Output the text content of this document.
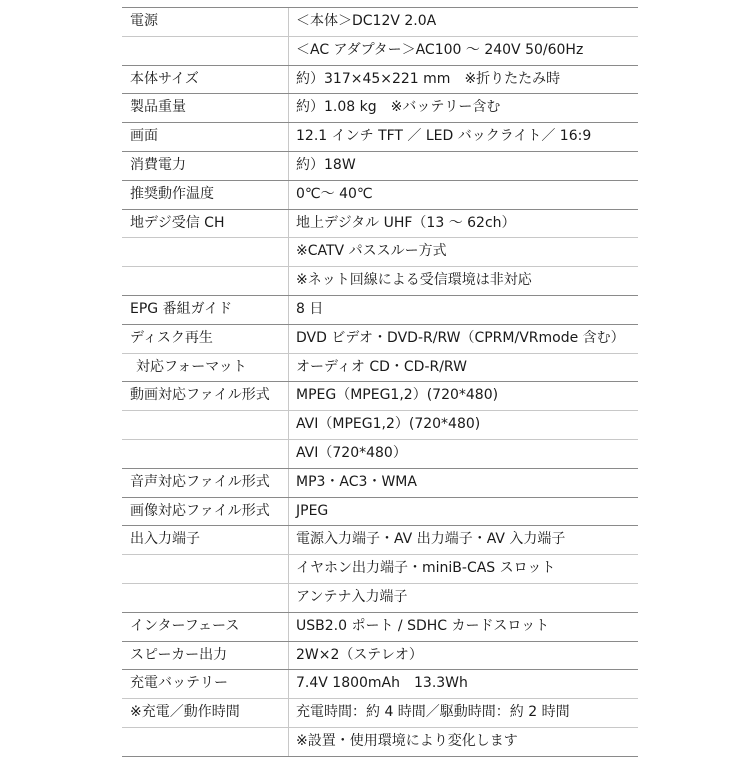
電源	＜本体＞DC12V 2.0A
＜AC アダプター＞AC100 ～ 240V 50/60Hz
本体サイズ	約）317×45×221 mm　※折りたたみ時
製品重量	約）1.08 kg　※バッテリー含む
画面	12.1 インチ TFT ／ LED バックライト／ 16:9
消費電力	約）18W
推奨動作温度	0℃～ 40℃
地デジ受信 CH	地上デジタル UHF（13 ～ 62ch）
※CATV パススルー方式
※ネット回線による受信環境は非対応
EPG 番組ガイド	8 日
ディスク再生	DVD ビデオ・DVD-R/RW（CPRM/VRmode 含む）
対応フォーマット	オーディオ CD・CD-R/RW
動画対応ファイル形式	MPEG（MPEG1,2）(720*480)
AVI（MPEG1,2）(720*480)
AVI（720*480）
音声対応ファイル形式	MP3・AC3・WMA
画像対応ファイル形式	JPEG
出入力端子	電源入力端子・AV 出力端子・AV 入力端子
イヤホン出力端子・miniB-CAS スロット
アンテナ入力端子
インターフェース	USB2.0 ポート / SDHC カードスロット
スピーカー出力	2W×2（ステレオ）
充電バッテリー	7.4V 1800mAh　13.3Wh
※充電／動作時間	充電時間：約 4 時間／駆動時間：約 2 時間
※設置・使用環境により変化します
